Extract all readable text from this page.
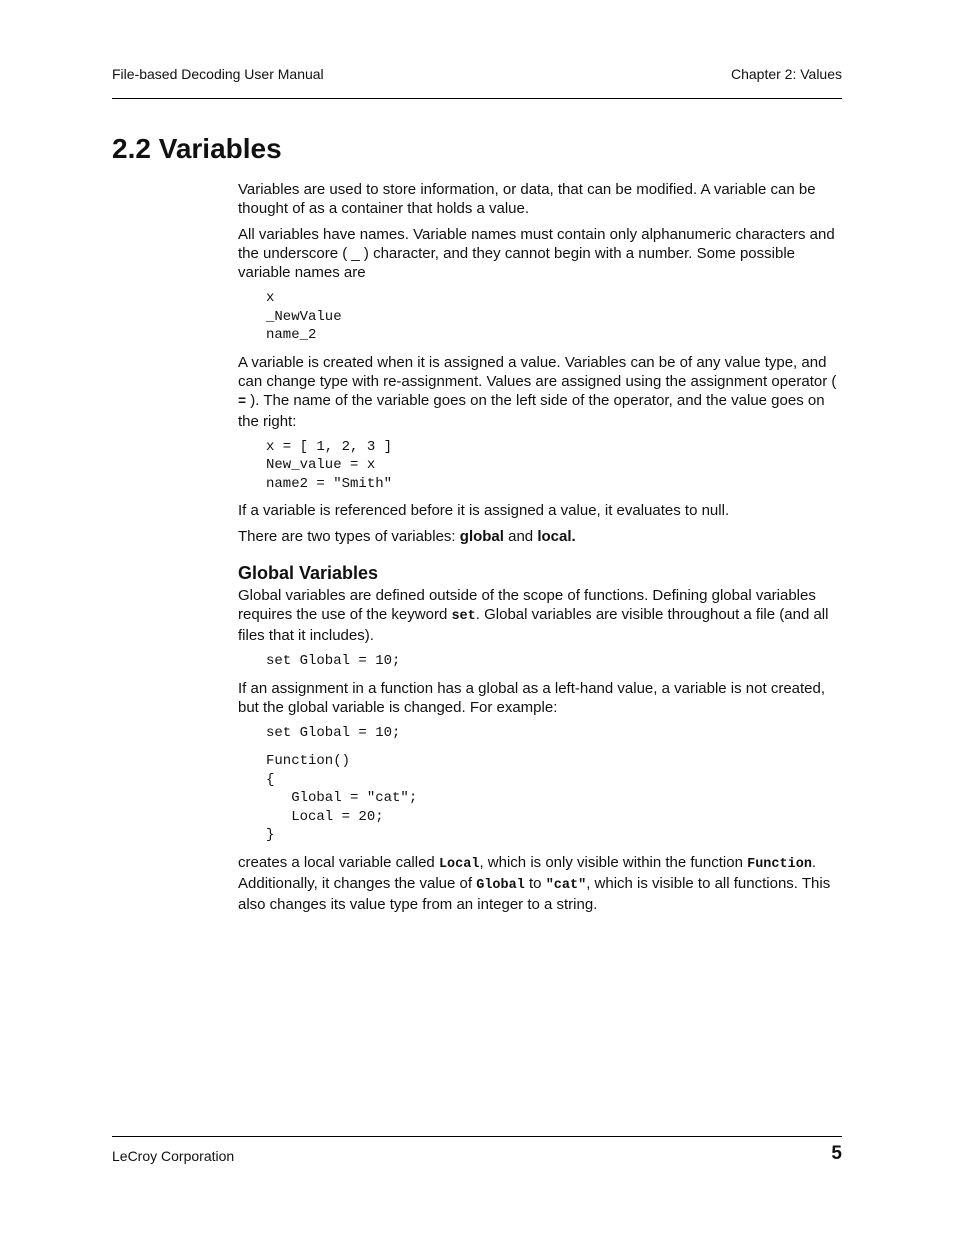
File-based Decoding User Manual	Chapter 2: Values
2.2 Variables

Variables are used to store information, or data, that can be modified. A variable can be thought of as a container that holds a value.

All variables have names. Variable names must contain only alphanumeric characters and the underscore ( _ ) character, and they cannot begin with a number. Some possible variable names are

x
_NewValue
name_2

A variable is created when it is assigned a value. Variables can be of any value type, and can change type with re-assignment. Values are assigned using the assignment operator ( = ). The name of the variable goes on the left side of the operator, and the value goes on the right:

x = [ 1, 2, 3 ]
New_value = x
name2 = "Smith"

If a variable is referenced before it is assigned a value, it evaluates to null.

There are two types of variables: global and local.

Global Variables

Global variables are defined outside of the scope of functions. Defining global variables requires the use of the keyword set. Global variables are visible throughout a file (and all files that it includes).

set Global = 10;

If an assignment in a function has a global as a left-hand value, a variable is not created, but the global variable is changed. For example:

set Global = 10;
Function()
{
Global = "cat";
Local = 20;
}

creates a local variable called Local, which is only visible within the function Function. Additionally, it changes the value of Global to "cat", which is visible to all functions. This also changes its value type from an integer to a string.

LeCroy Corporation	5
